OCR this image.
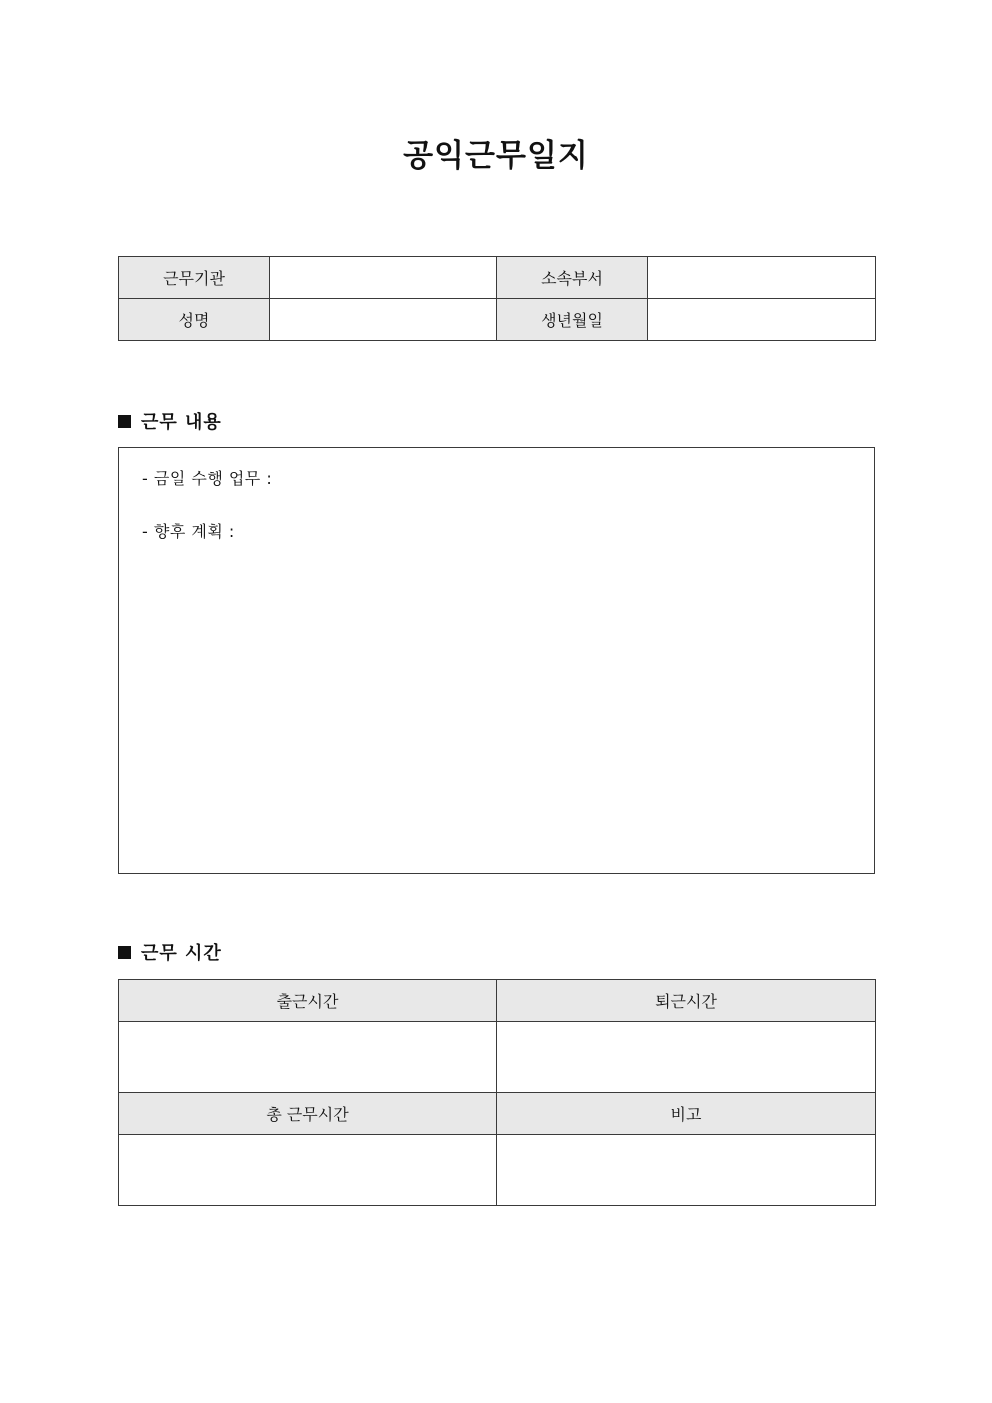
공익근무일지
근무기관		소속부서	
성명		생년월일	
근무 내용
- 금일 수행 업무 :
- 향후 계획 :
근무 시간
출근시간	퇴근시간

총 근무시간	비고
